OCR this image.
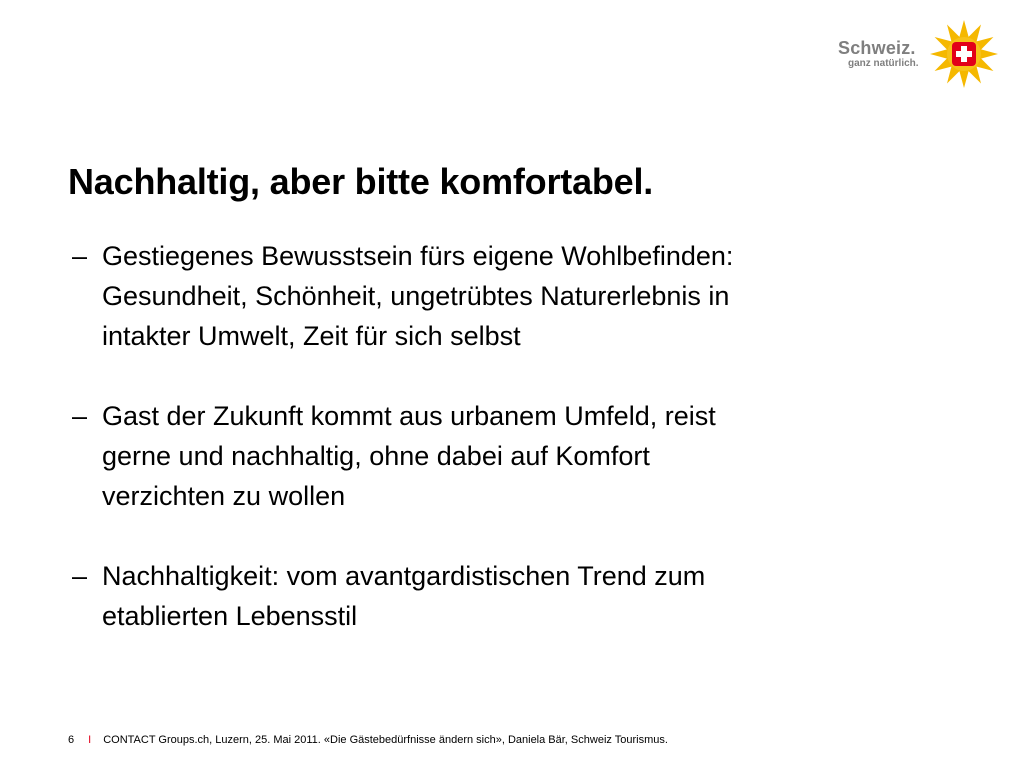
Schweiz.
ganz natürlich.
Nachhaltig, aber bitte komfortabel.
– Gestiegenes Bewusstsein fürs eigene Wohlbefinden:
Gesundheit, Schönheit, ungetrübtes Naturerlebnis in
intakter Umwelt, Zeit für sich selbst
– Gast der Zukunft kommt aus urbanem Umfeld, reist
gerne und nachhaltig, ohne dabei auf Komfort
verzichten zu wollen
– Nachhaltigkeit: vom avantgardistischen Trend zum
etablierten Lebensstil
6 I CONTACT Groups.ch, Luzern, 25. Mai 2011. «Die Gästebedürfnisse ändern sich», Daniela Bär, Schweiz Tourismus.
